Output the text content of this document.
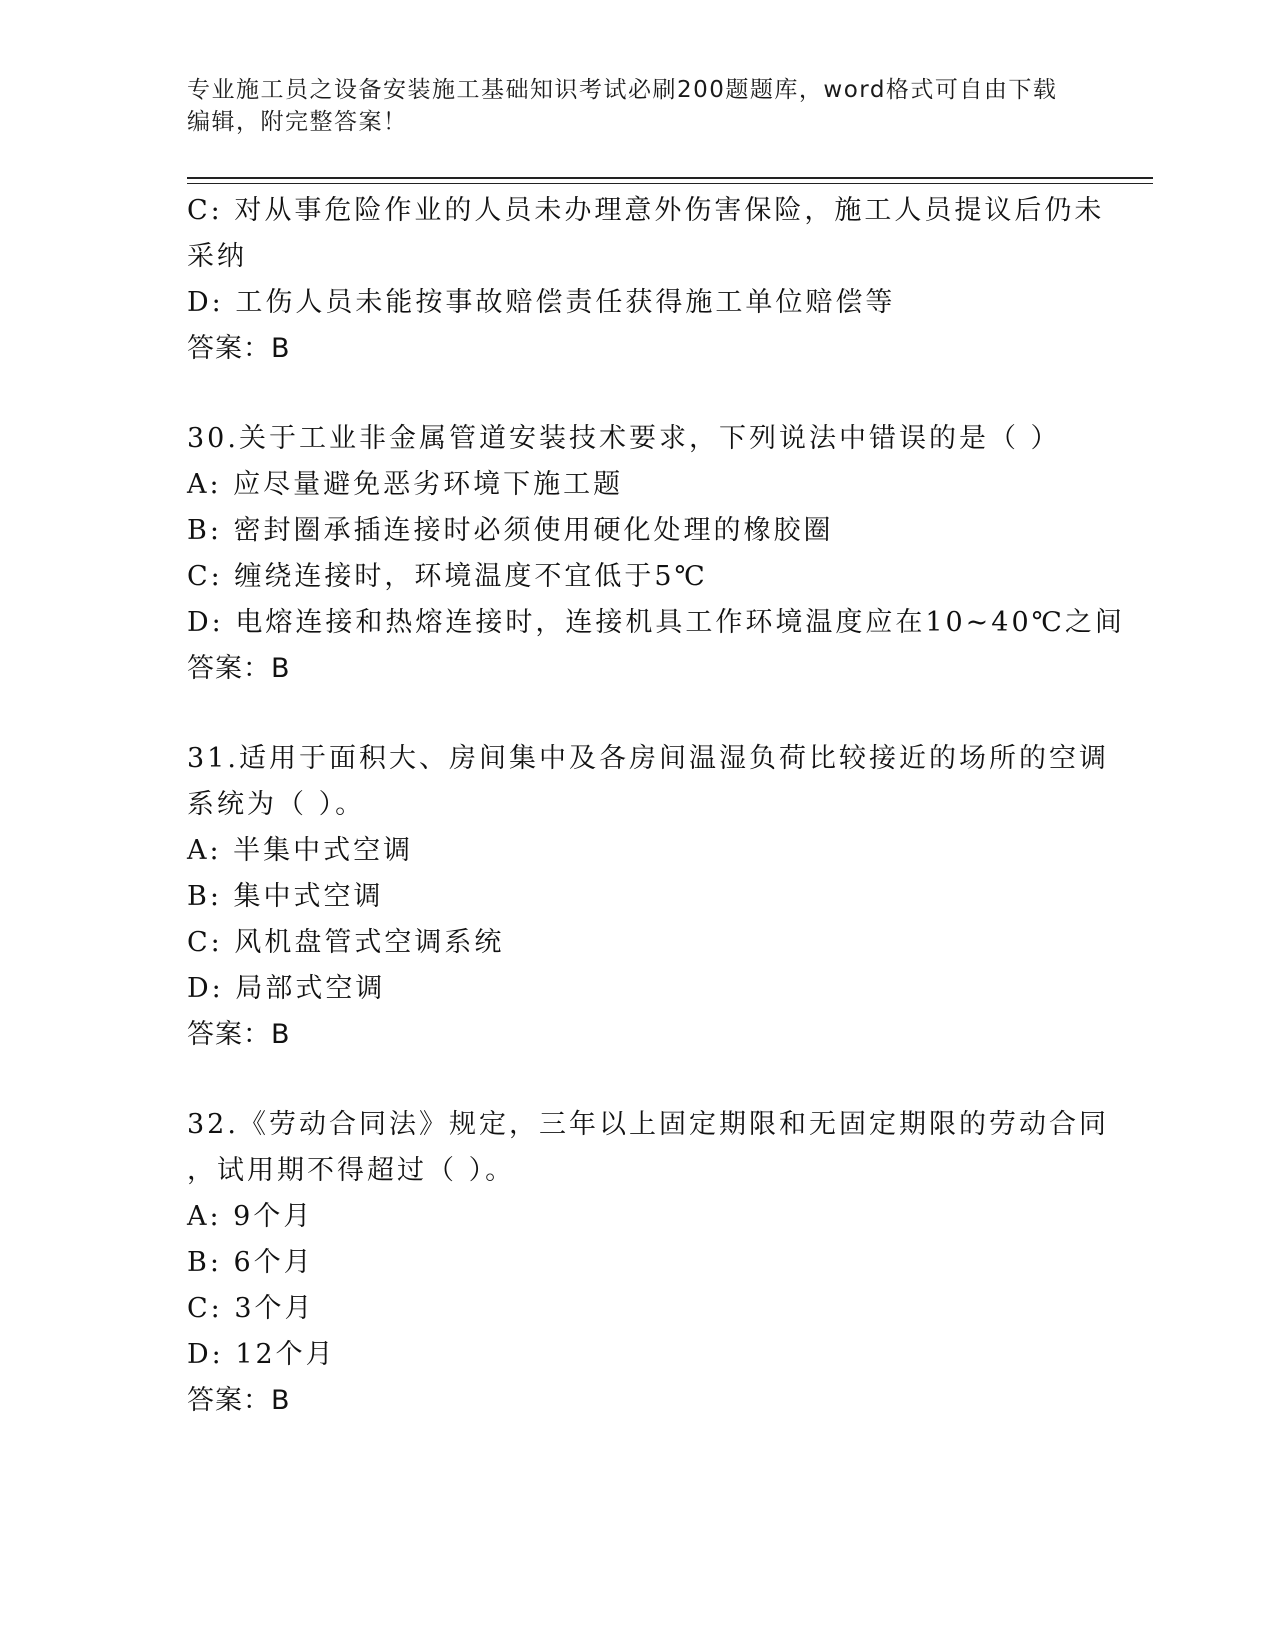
专业施工员之设备安装施工基础知识考试必刷200题题库，word格式可自由下载编辑，附完整答案！

C: 对从事危险作业的人员未办理意外伤害保险，施工人员提议后仍未

采纳

D: 工伤人员未能按事故赔偿责任获得施工单位赔偿等

答案：B

30.关于工业非金属管道安装技术要求，下列说法中错误的是（ ）

A: 应尽量避免恶劣环境下施工题

B: 密封圈承插连接时必须使用硬化处理的橡胶圈

C: 缠绕连接时，环境温度不宜低于5℃

D: 电熔连接和热熔连接时，连接机具工作环境温度应在10~40℃之间

答案：B

31.适用于面积大、房间集中及各房间温湿负荷比较接近的场所的空调

系统为（ ）。

A: 半集中式空调

B: 集中式空调

C: 风机盘管式空调系统

D: 局部式空调

答案：B

32.《劳动合同法》规定，三年以上固定期限和无固定期限的劳动合同

，试用期不得超过（ ）。

A: 9个月

B: 6个月

C: 3个月

D: 12个月

答案：B
